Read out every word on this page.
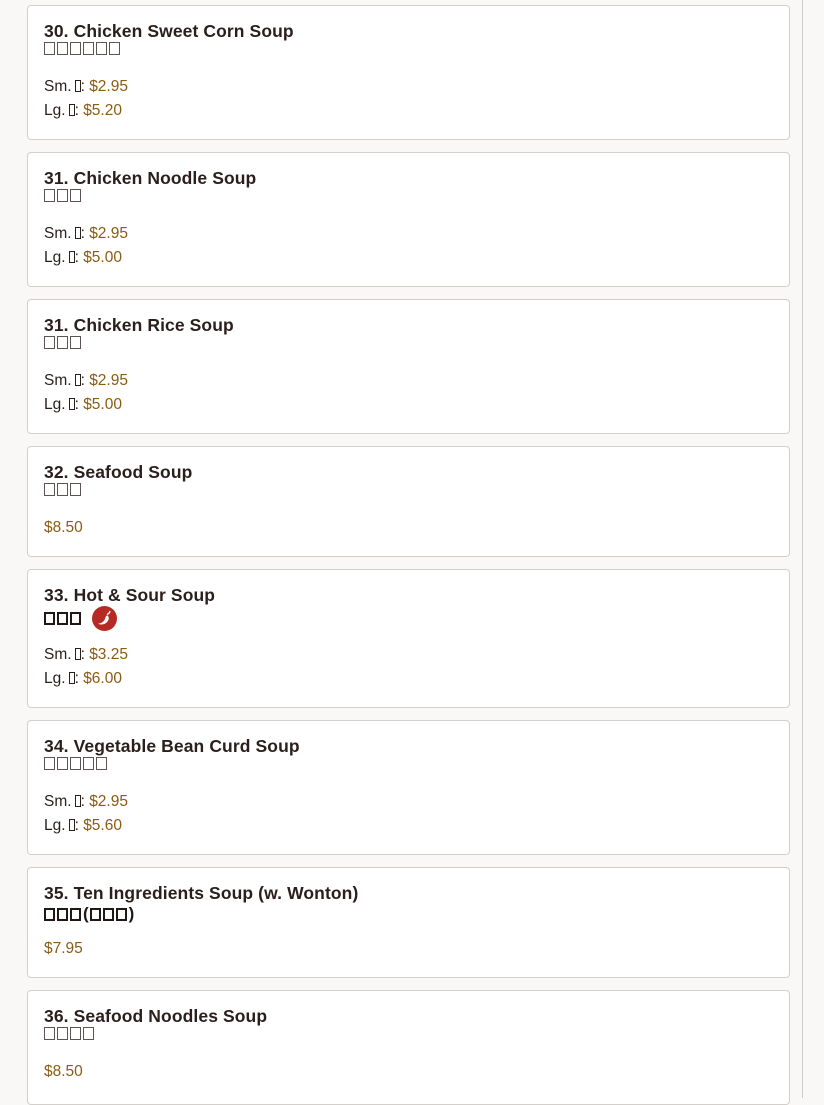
30. Chicken Sweet Corn Soup
Sm. : $2.95
Lg. : $5.20
31. Chicken Noodle Soup
Sm. : $2.95
Lg. : $5.00
31. Chicken Rice Soup
Sm. : $2.95
Lg. : $5.00
32. Seafood Soup
$8.50
33. Hot & Sour Soup
Sm. : $3.25
Lg. : $6.00
34. Vegetable Bean Curd Soup
Sm. : $2.95
Lg. : $5.60
35. Ten Ingredients Soup (w. Wonton)
( )
$7.95
36. Seafood Noodles Soup
$8.50
